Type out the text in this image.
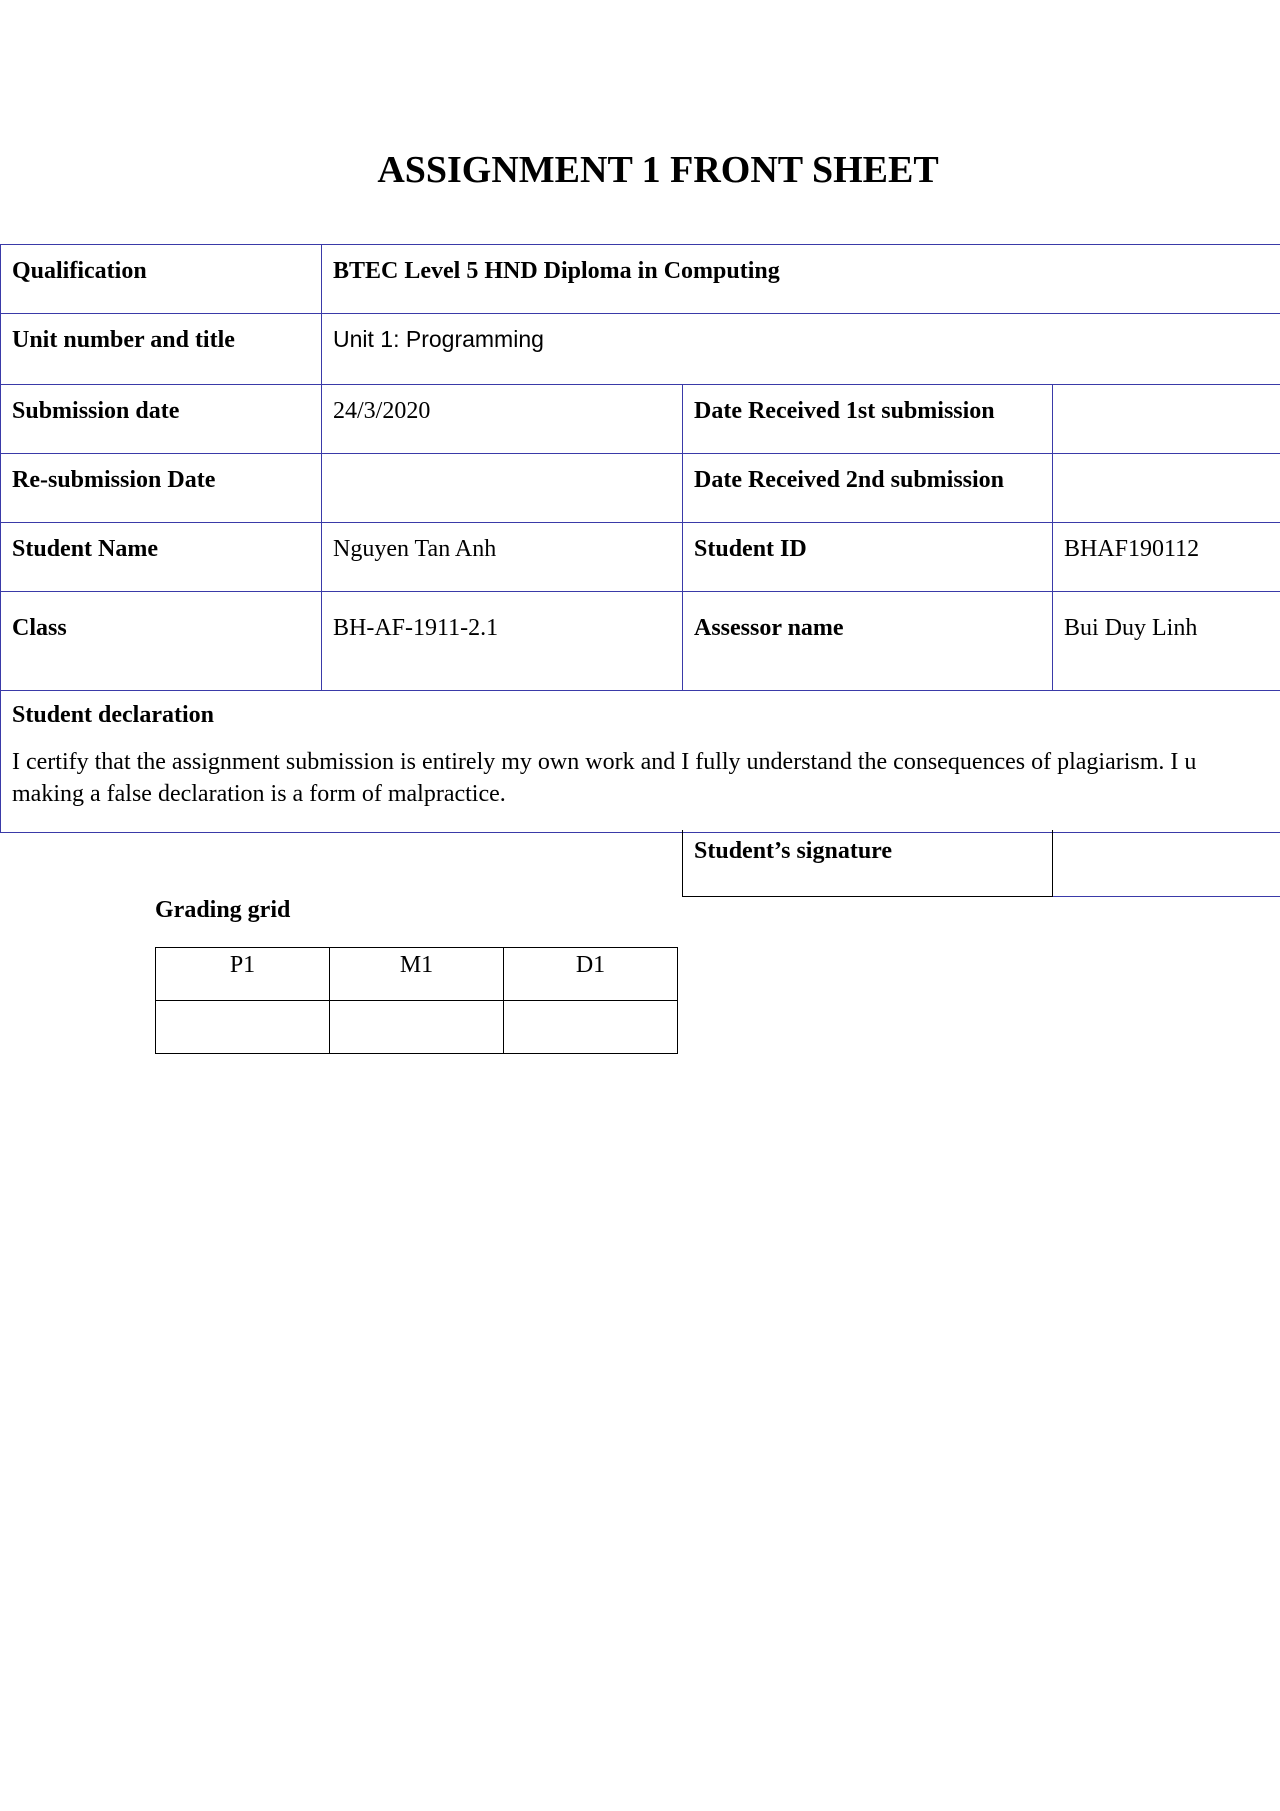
ASSIGNMENT 1 FRONT SHEET
Qualification	BTEC Level 5 HND Diploma in Computing		
Unit number and title	Unit 1: Programming		
Submission date	24/3/2020	Date Received 1st submission	
Re-submission Date		Date Received 2nd submission	
Student Name	Nguyen Tan Anh	Student ID	BHAF190112
Class	BH-AF-1911-2.1	Assessor name	Bui Duy Linh

Student declaration

I certify that the assignment submission is entirely my own work and I fully understand the consequences of plagiarism. I u

making a false declaration is a form of malpractice.			

Student’s signature	

Grading grid

P1	M1	D1
